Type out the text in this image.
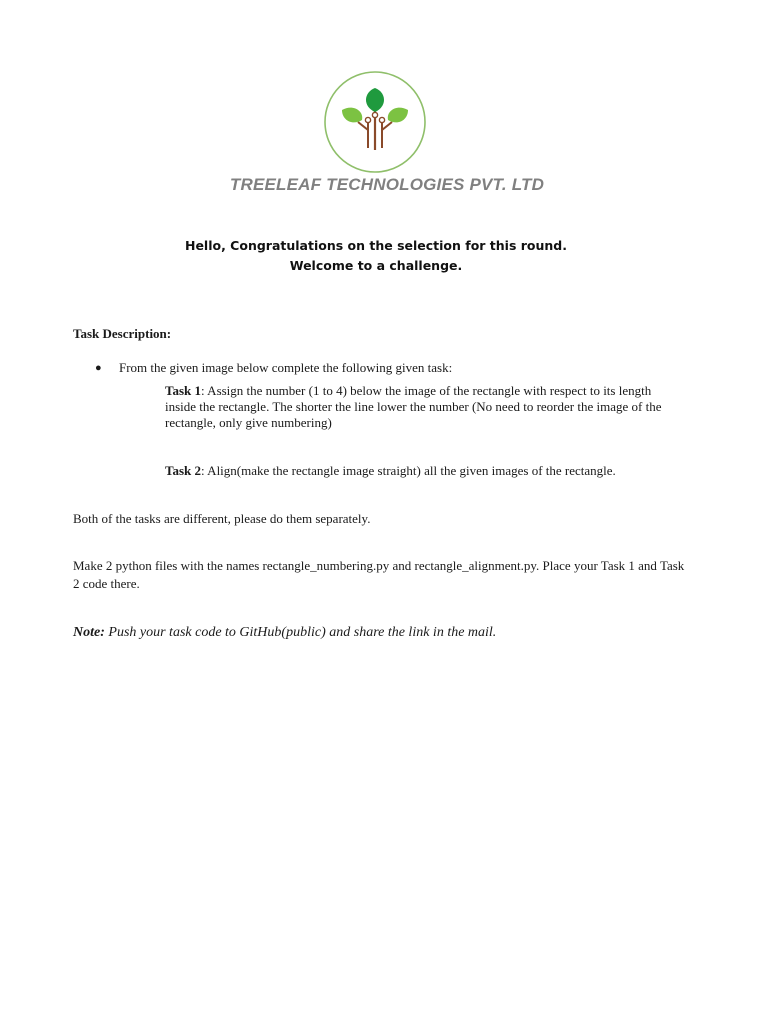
TREELEAF TECHNOLOGIES PVT. LTD
Hello, Congratulations on the selection for this round.
Welcome to a challenge.
Task Description:
● From the given image below complete the following given task:
Task 1: Assign the number (1 to 4) below the image of the rectangle with respect to its length inside the rectangle. The shorter the line lower the number (No need to reorder the image of the rectangle, only give numbering)
Task 2: Align(make the rectangle image straight) all the given images of the rectangle.
Both of the tasks are different, please do them separately.
Make 2 python files with the names rectangle_numbering.py and rectangle_alignment.py. Place your Task 1 and Task 2 code there.
Note: Push your task code to GitHub(public) and share the link in the mail.
